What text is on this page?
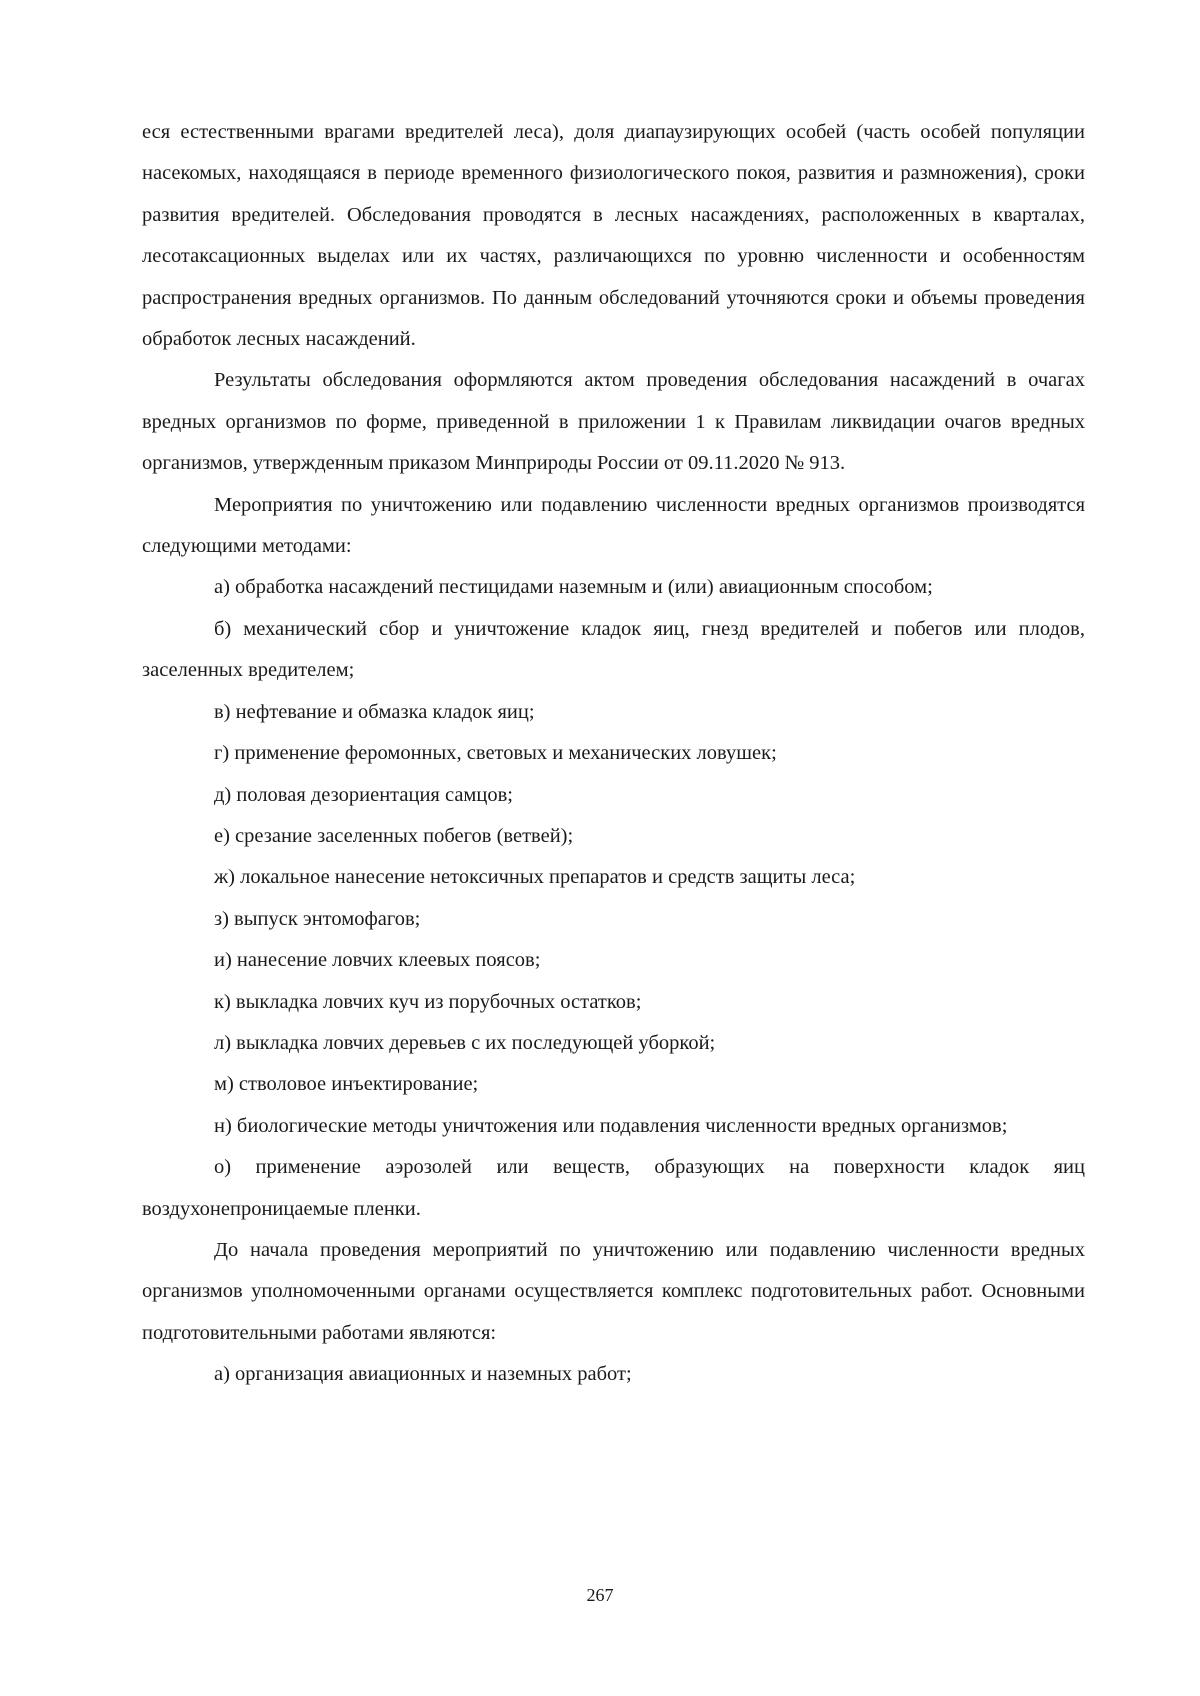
еся естественными врагами вредителей леса), доля диапаузирующих особей (часть особей популяции насекомых, находящаяся в периоде временного физиологического покоя, развития и размножения), сроки развития вредителей. Обследования проводятся в лесных насаждениях, расположенных в кварталах, лесотаксационных выделах или их частях, различающихся по уровню численности и особенностям распространения вредных организмов. По данным обследований уточняются сроки и объемы проведения обработок лесных насаждений.

Результаты обследования оформляются актом проведения обследования насаждений в очагах вредных организмов по форме, приведенной в приложении 1 к Правилам ликвидации очагов вредных организмов, утвержденным приказом Минприроды России от 09.11.2020 № 913.

Мероприятия по уничтожению или подавлению численности вредных организмов производятся следующими методами:

а) обработка насаждений пестицидами наземным и (или) авиационным способом;

б) механический сбор и уничтожение кладок яиц, гнезд вредителей и побегов или плодов, заселенных вредителем;

в) нефтевание и обмазка кладок яиц;

г) применение феромонных, световых и механических ловушек;

д) половая дезориентация самцов;

е) срезание заселенных побегов (ветвей);

ж) локальное нанесение нетоксичных препаратов и средств защиты леса;

з) выпуск энтомофагов;

и) нанесение ловчих клеевых поясов;

к) выкладка ловчих куч из порубочных остатков;

л) выкладка ловчих деревьев с их последующей уборкой;

м) стволовое инъектирование;

н) биологические методы уничтожения или подавления численности вредных организмов;

о) применение аэрозолей или веществ, образующих на поверхности кладок яиц воздухонепроницаемые пленки.

До начала проведения мероприятий по уничтожению или подавлению численности вредных организмов уполномоченными органами осуществляется комплекс подготовительных работ. Основными подготовительными работами являются:

а) организация авиационных и наземных работ;

267
